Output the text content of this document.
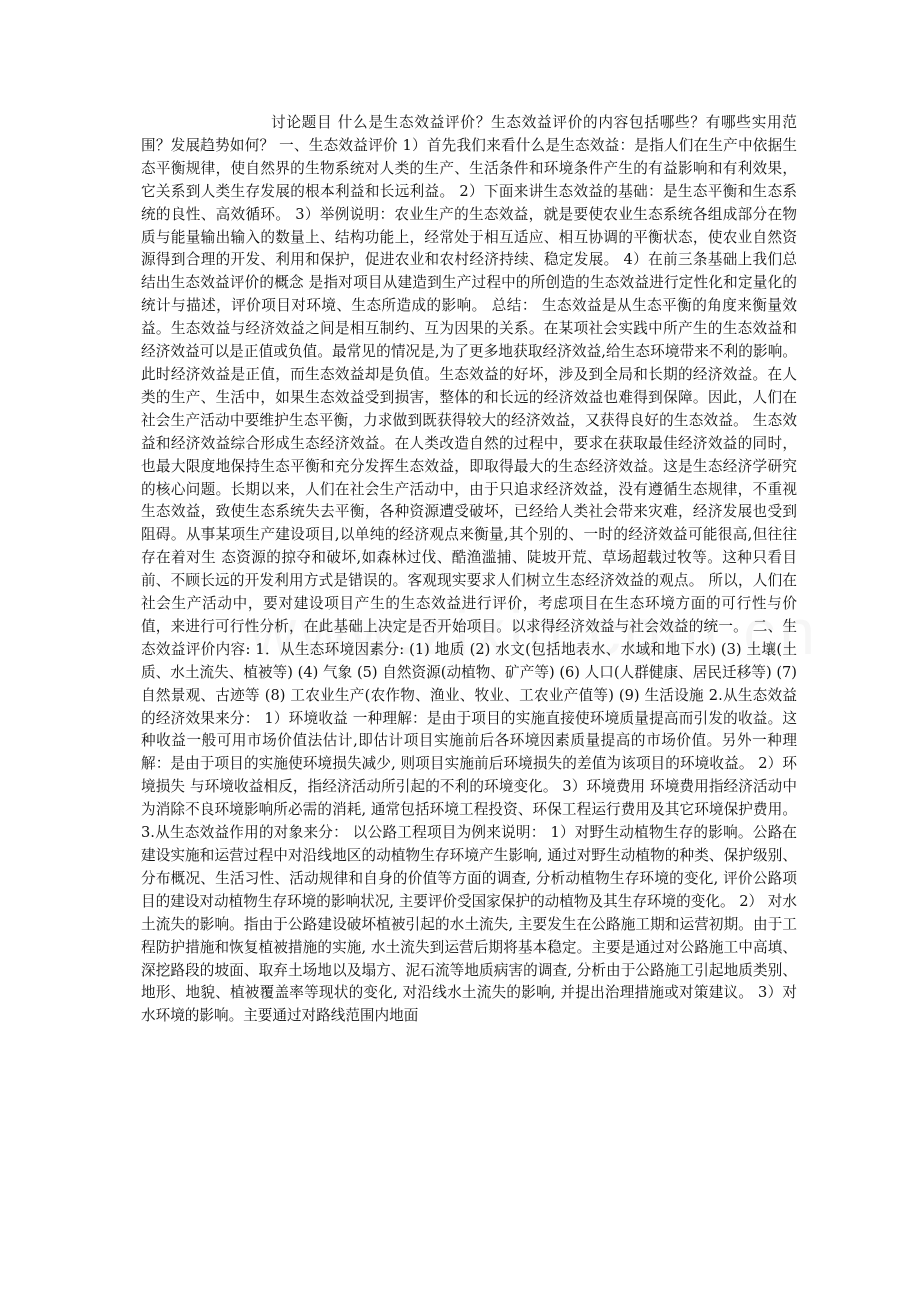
讨论题目 什么是生态效益评价？生态效益评价的内容包括哪些？有哪些实用范围？发展趋势如何？ 一、生态效益评价 1）首先我们来看什么是生态效益：是指人们在生产中依据生态平衡规律，使自然界的生物系统对人类的生产、生活条件和环境条件产生的有益影响和有利效果，它关系到人类生存发展的根本利益和长远利益。 2）下面来讲生态效益的基础：是生态平衡和生态系统的良性、高效循环。 3）举例说明：农业生产的生态效益，就是要使农业生态系统各组成部分在物质与能量输出输入的数量上、结构功能上，经常处于相互适应、相互协调的平衡状态，使农业自然资源得到合理的开发、利用和保护，促进农业和农村经济持续、稳定发展。 4）在前三条基础上我们总结出生态效益评价的概念 是指对项目从建造到生产过程中的所创造的生态效益进行定性化和定量化的统计与描述，评价项目对环境、生态所造成的影响。 总结： 生态效益是从生态平衡的角度来衡量效益。生态效益与经济效益之间是相互制约、互为因果的关系。在某项社会实践中所产生的生态效益和经济效益可以是正值或负值。最常见的情况是,为了更多地获取经济效益,给生态环境带来不利的影响。此时经济效益是正值，而生态效益却是负值。生态效益的好坏，涉及到全局和长期的经济效益。在人类的生产、生活中，如果生态效益受到损害，整体的和长远的经济效益也难得到保障。因此，人们在社会生产活动中要维护生态平衡，力求做到既获得较大的经济效益，又获得良好的生态效益。 生态效益和经济效益综合形成生态经济效益。在人类改造自然的过程中，要求在获取最佳经济效益的同时，也最大限度地保持生态平衡和充分发挥生态效益，即取得最大的生态经济效益。这是生态经济学研究的核心问题。长期以来，人们在社会生产活动中，由于只追求经济效益，没有遵循生态规律，不重视生态效益，致使生态系统失去平衡，各种资源遭受破坏，已经给人类社会带来灾难，经济发展也受到阻碍。从事某项生产建设项目,以单纯的经济观点来衡量,其个别的、一时的经济效益可能很高,但往往存在着对生 态资源的掠夺和破坏,如森林过伐、酷渔滥捕、陡坡开荒、草场超载过牧等。这种只看目前、不顾长远的开发利用方式是错误的。客观现实要求人们树立生态经济效益的观点。 所以，人们在社会生产活动中，要对建设项目产生的生态效益进行评价，考虑项目在生态环境方面的可行性与价值，来进行可行性分析，在此基础上决定是否开始项目。以求得经济效益与社会效益的统一。 二、生态效益评价内容: 1．从生态环境因素分: (1) 地质 (2) 水文(包括地表水、水域和地下水) (3) 土壤(土质、水土流失、植被等) (4) 气象 (5) 自然资源(动植物、矿产等) (6) 人口(人群健康、居民迁移等) (7) 自然景观、古迹等 (8) 工农业生产(农作物、渔业、牧业、工农业产值等) (9) 生活设施 2.从生态效益的经济效果来分： 1）环境收益 一种理解：是由于项目的实施直接使环境质量提高而引发的收益。这种收益一般可用市场价值法估计,即估计项目实施前后各环境因素质量提高的市场价值。另外一种理解：是由于项目的实施使环境损失减少, 则项目实施前后环境损失的差值为该项目的环境收益。 2）环境损失 与环境收益相反，指经济活动所引起的不利的环境变化。 3）环境费用 环境费用指经济活动中为消除不良环境影响所必需的消耗, 通常包括环境工程投资、环保工程运行费用及其它环境保护费用。 3.从生态效益作用的对象来分： 以公路工程项目为例来说明： 1）对野生动植物生存的影响。公路在建设实施和运营过程中对沿线地区的动植物生存环境产生影响, 通过对野生动植物的种类、保护级别、分布概况、生活习性、活动规律和自身的价值等方面的调查, 分析动植物生存环境的变化, 评价公路项目的建设对动植物生存环境的影响状况, 主要评价受国家保护的动植物及其生存环境的变化。 2） 对水土流失的影响。指由于公路建设破坏植被引起的水土流失, 主要发生在公路施工期和运营初期。由于工程防护措施和恢复植被措施的实施, 水土流失到运营后期将基本稳定。主要是通过对公路施工中高填、深挖路段的坡面、取弃土场地以及塌方、泥石流等地质病害的调查, 分析由于公路施工引起地质类别、地形、地貌、植被覆盖率等现状的变化, 对沿线水土流失的影响, 并提出治理措施或对策建议。 3）对水环境的影响。主要通过对路线范围内地面
